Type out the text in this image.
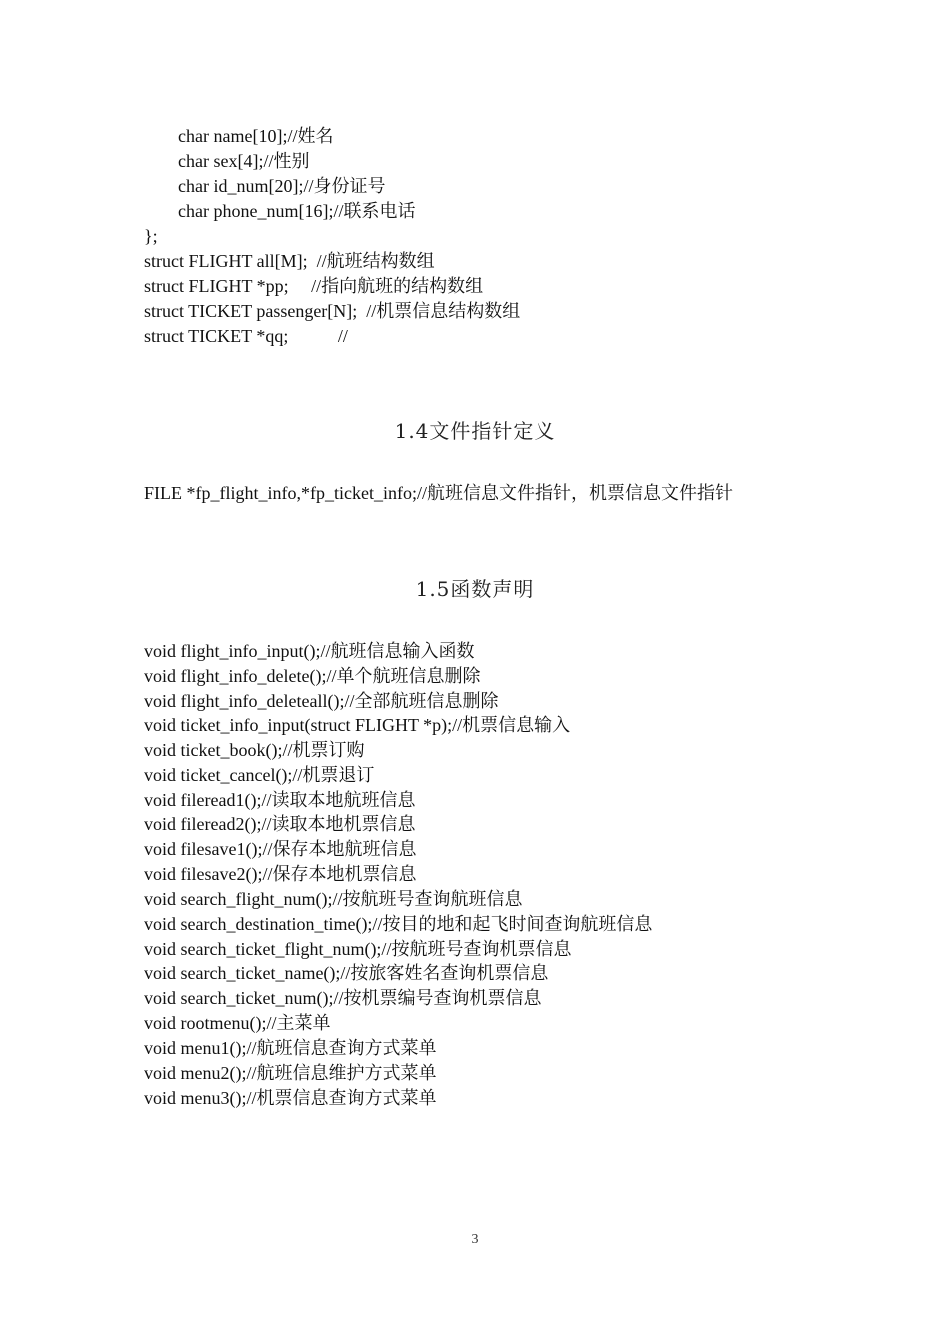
char name[10];//姓名
char sex[4];//性别
char id_num[20];//身份证号
char phone_num[16];//联系电话
};
struct FLIGHT all[M];  //航班结构数组
struct FLIGHT *pp;     //指向航班的结构数组
struct TICKET passenger[N];  //机票信息结构数组
struct TICKET *qq;           //
1.4文件指针定义
FILE *fp_flight_info,*fp_ticket_info;//航班信息文件指针，机票信息文件指针
1.5函数声明
void flight_info_input();//航班信息输入函数
void flight_info_delete();//单个航班信息删除
void flight_info_deleteall();//全部航班信息删除
void ticket_info_input(struct FLIGHT *p);//机票信息输入
void ticket_book();//机票订购
void ticket_cancel();//机票退订
void fileread1();//读取本地航班信息
void fileread2();//读取本地机票信息
void filesave1();//保存本地航班信息
void filesave2();//保存本地机票信息
void search_flight_num();//按航班号查询航班信息
void search_destination_time();//按目的地和起飞时间查询航班信息
void search_ticket_flight_num();//按航班号查询机票信息
void search_ticket_name();//按旅客姓名查询机票信息
void search_ticket_num();//按机票编号查询机票信息
void rootmenu();//主菜单
void menu1();//航班信息查询方式菜单
void menu2();//航班信息维护方式菜单
void menu3();//机票信息查询方式菜单
3
